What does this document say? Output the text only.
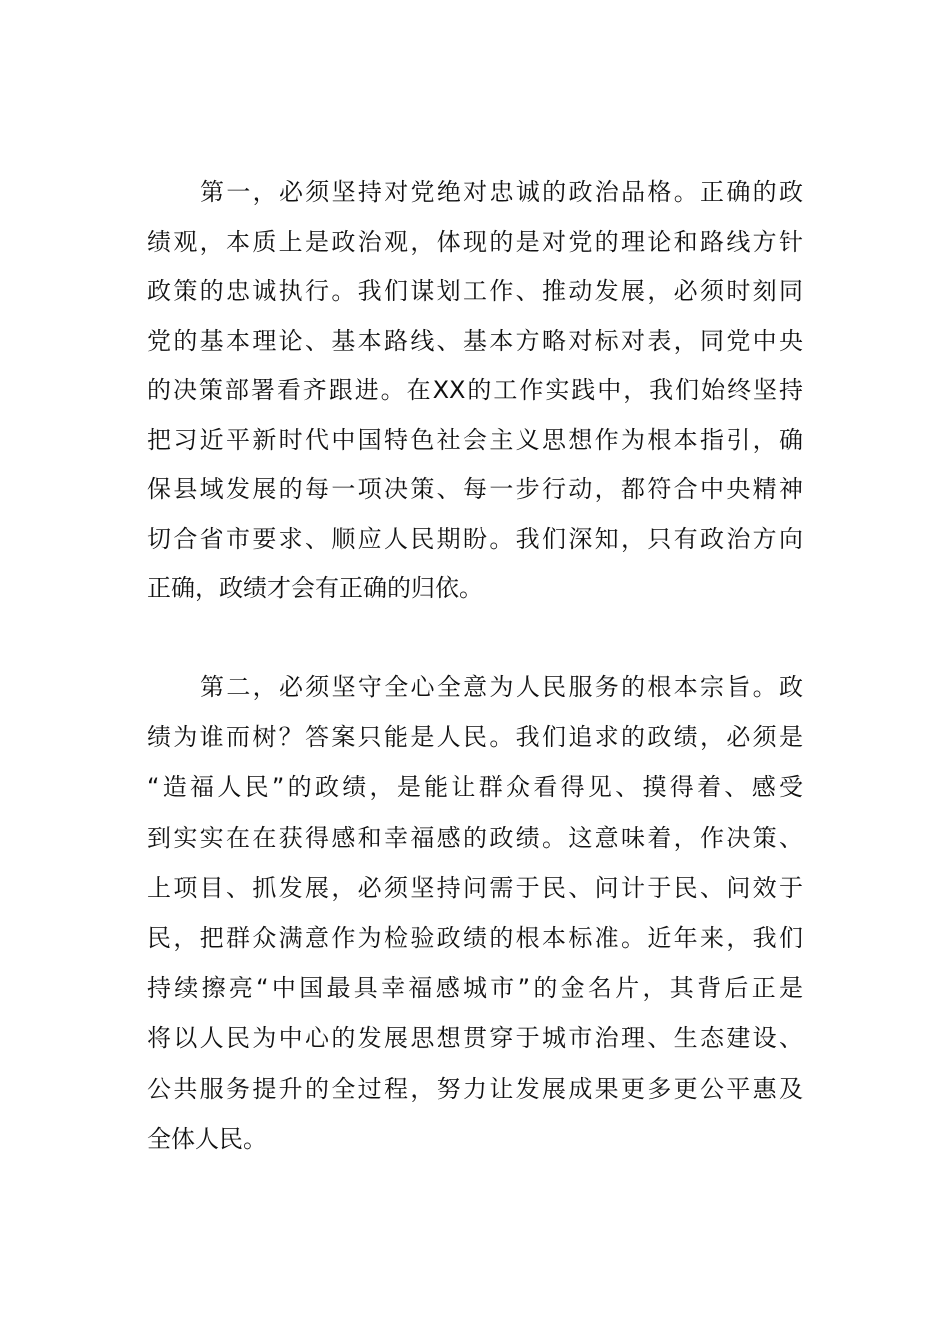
第一，必须坚持对党绝对忠诚的政治品格。正确的政
绩观，本质上是政治观，体现的是对党的理论和路线方针
政策的忠诚执行。我们谋划工作、推动发展，必须时刻同
党的基本理论、基本路线、基本方略对标对表，同党中央
的决策部署看齐跟进。在XX的工作实践中，我们始终坚持
把习近平新时代中国特色社会主义思想作为根本指引，确
保县域发展的每一项决策、每一步行动，都符合中央精神
切合省市要求、顺应人民期盼。我们深知，只有政治方向
正确，政绩才会有正确的归依。
第二，必须坚守全心全意为人民服务的根本宗旨。政
绩为谁而树？答案只能是人民。我们追求的政绩，必须是
“造福人民”的政绩，是能让群众看得见、摸得着、感受
到实实在在获得感和幸福感的政绩。这意味着，作决策、
上项目、抓发展，必须坚持问需于民、问计于民、问效于
民，把群众满意作为检验政绩的根本标准。近年来，我们
持续擦亮“中国最具幸福感城市”的金名片，其背后正是
将以人民为中心的发展思想贯穿于城市治理、生态建设、
公共服务提升的全过程，努力让发展成果更多更公平惠及
全体人民。
